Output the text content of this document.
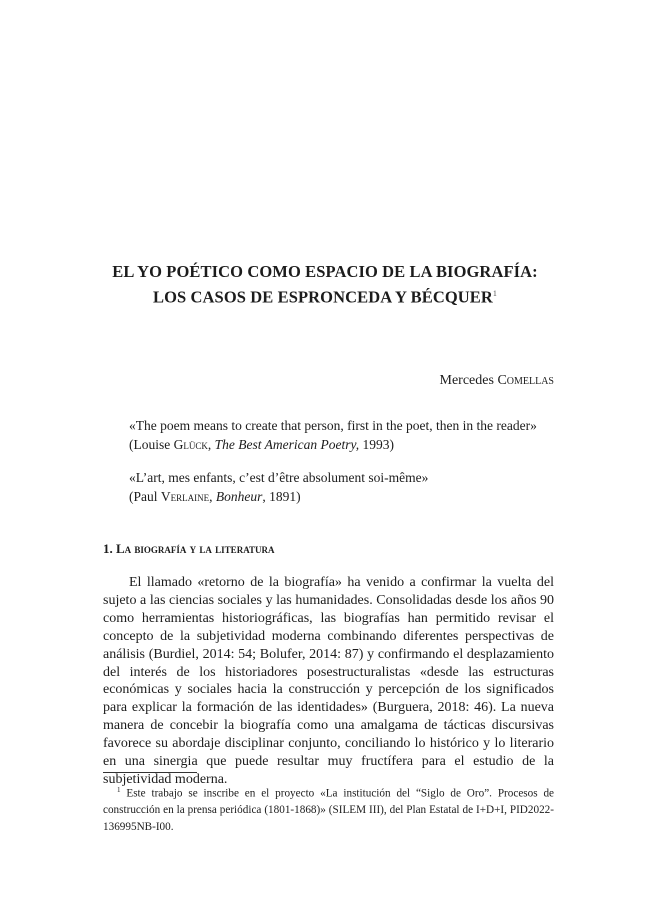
EL YO POÉTICO COMO ESPACIO DE LA BIOGRAFÍA:
LOS CASOS DE ESPRONCEDA Y BÉCQUER$^1$
Mercedes Comellas

«The poem means to create that person, first in the poet, then in the reader»

(Louise Glück, The Best American Poetry, 1993)

«L’art, mes enfants, c’est d’être absolument soi-même»

(Paul Verlaine, Bonheur, 1891)

1. La biografía y la literatura

El llamado «retorno de la biografía» ha venido a confirmar la vuelta del sujeto a las ciencias sociales y las humanidades. Consolidadas desde los años 90 como herramientas historiográficas, las biografías han permitido revisar el concepto de la subjetividad moderna combinando diferentes perspectivas de análisis (Burdiel, 2014: 54; Bolufer, 2014: 87) y confirmando el desplazamiento del interés de los historiadores posestructuralistas «desde las estructuras económicas y sociales hacia la construcción y percepción de los significados para explicar la formación de las identidades» (Burguera, 2018: 46). La nueva manera de concebir la biografía como una amalgama de tácticas discursivas favorece su abordaje disciplinar conjunto, conciliando lo histórico y lo literario en una sinergia que puede resultar muy fructífera para el estudio de la subjetividad moderna.

$^1$ Este trabajo se inscribe en el proyecto «La institución del “Siglo de Oro”. Procesos de construcción en la prensa periódica (1801-1868)» (SILEM III), del Plan Estatal de I+D+I, PID2022-136995NB-I00.
